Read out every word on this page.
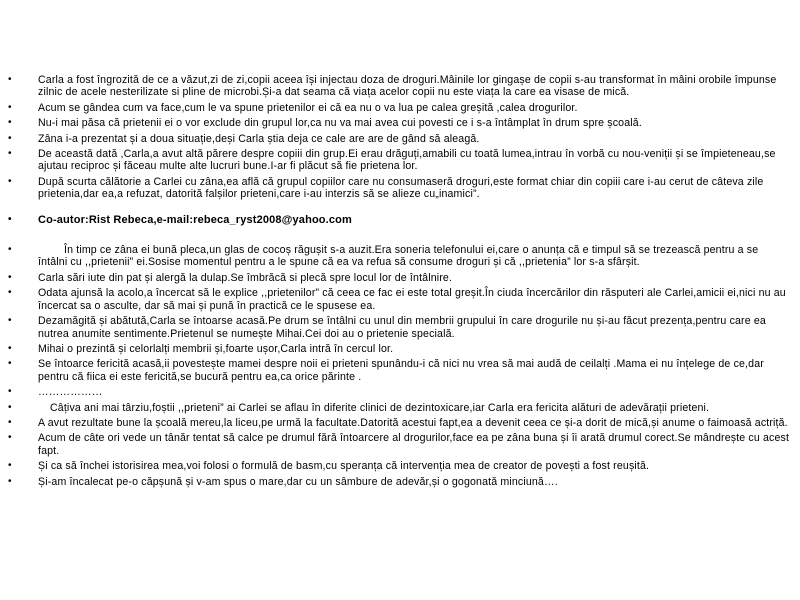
• Carla a fost îngrozită de ce a văzut,zi de zi,copii aceea își injectau doza de droguri.Mâinile lor gingașe de copii s-au transformat în mâini orobile împunse zilnic de acele nesterilizate si pline de microbi.Și-a dat seama că viața acelor copii nu este viața la care ea visase de mică.
• Acum se gândea cum va face,cum le va spune prietenilor ei că ea nu o va lua pe calea greșită ,calea drogurilor.
• Nu-i mai păsa că prietenii ei o vor exclude din grupul lor,ca nu va mai avea cui povesti ce i s-a întâmplat în drum spre școală.
• Zâna i-a prezentat și a doua situație,deși Carla știa deja ce cale are are de gând să aleagă.
• De această dată ,Carla,a avut altă părere despre copiii din grup.Ei erau drăguți,amabili cu toată lumea,intrau în vorbă cu nou-veniții și se împieteneau,se ajutau reciproc și făceau multe alte lucruri bune.I-ar fi plăcut să fie prietena lor.
• După scurta călătorie a Carlei cu zâna,ea află că grupul copiilor care nu consumaseră droguri,este format chiar din copiii care i-au cerut de câteva zile prietenia,dar ea,a refuzat, datorită falșilor prieteni,care i-au interzis să se alieze cu„inamici”.
• Co-autor:Rist Rebeca,e-mail:rebeca_ryst2008@yahoo.com
• În timp ce zâna ei bună pleca,un glas de cocoș răgușit s-a auzit.Era soneria telefonului ei,care o anunța că e timpul să se trezească pentru a se întâlni cu ,,prietenii” ei.Sosise momentul pentru a le spune că ea va refua să consume droguri și că ,,prietenia” lor s-a sfârșit.
• Carla sări iute din pat și alergă la dulap.Se îmbrăcă si plecă spre locul lor de întâlnire.
• Odata ajunsă la acolo,a încercat să le explice ,,prietenilor” că ceea ce fac ei este total greșit.În ciuda încercărilor din răsputeri ale Carlei,amicii ei,nici nu au încercat sa o asculte, dar să mai și pună în practică ce le spusese ea.
• Dezamăgită și abătută,Carla se întoarse acasă.Pe drum se întâlni cu unul din membrii grupului în care drogurile nu și-au făcut prezența,pentru care ea nutrea anumite sentimente.Prietenul se numește Mihai.Cei doi au o prietenie specială.
• Mihai o prezintă și celorlalți membrii și,foarte ușor,Carla intră în cercul lor.
• Se întoarce fericită acasă,ii povestește mamei despre noii ei prieteni spunându-i că nici nu vrea să mai audă de ceilalți .Mama ei nu înțelege de ce,dar pentru că fiica ei este fericită,se bucură pentru ea,ca orice părinte .
• ………………
• Câțiva ani mai târziu,foștii ,,prieteni” ai Carlei se aflau în diferite clinici de dezintoxicare,iar Carla era fericita alături de adevărații prieteni.
• A avut rezultate bune la școală mereu,la liceu,pe urmă la facultate.Datorită acestui fapt,ea a devenit ceea ce și-a dorit de mică,și anume o faimoasă actriță.
• Acum de câte ori vede un tânăr tentat să calce pe drumul fără întoarcere al drogurilor,face ea pe zâna buna și îi arată drumul corect.Se mândrește cu acest fapt.
• Și ca să închei istorisirea mea,voi folosi o formulă de basm,cu speranța că intervenția mea de creator de povești a fost reușită.
• Și-am încalecat pe-o căpșună și v-am spus o mare,dar cu un sâmbure de adevăr,și o gogonată minciună….
